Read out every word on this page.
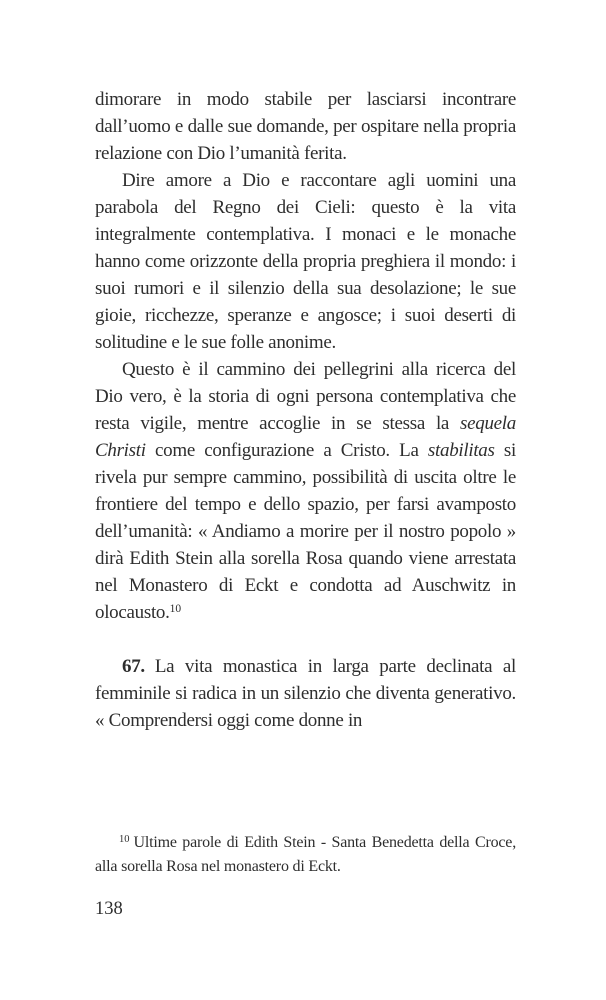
dimorare in modo stabile per lasciarsi incontrare dall’uomo e dalle sue domande, per ospitare nella propria relazione con Dio l’umanità ferita.

Dire amore a Dio e raccontare agli uomini una parabola del Regno dei Cieli: questo è la vita integralmente contemplativa. I monaci e le monache hanno come orizzonte della propria preghiera il mondo: i suoi rumori e il silenzio della sua desolazione; le sue gioie, ricchezze, speranze e angosce; i suoi deserti di solitudine e le sue folle anonime.

Questo è il cammino dei pellegrini alla ricerca del Dio vero, è la storia di ogni persona contemplativa che resta vigile, mentre accoglie in se stessa la sequela Christi come configurazione a Cristo. La stabilitas si rivela pur sempre cammino, possibilità di uscita oltre le frontiere del tempo e dello spazio, per farsi avamposto dell’umanità: « Andiamo a morire per il nostro popolo » dirà Edith Stein alla sorella Rosa quando viene arrestata nel Monastero di Eckt e condotta ad Auschwitz in olocausto.$^{10}$

67. La vita monastica in larga parte declinata al femminile si radica in un silenzio che diventa generativo. « Comprendersi oggi come donne in

$^{10}$ Ultime parole di Edith Stein - Santa Benedetta della Croce, alla sorella Rosa nel monastero di Eckt.
138
